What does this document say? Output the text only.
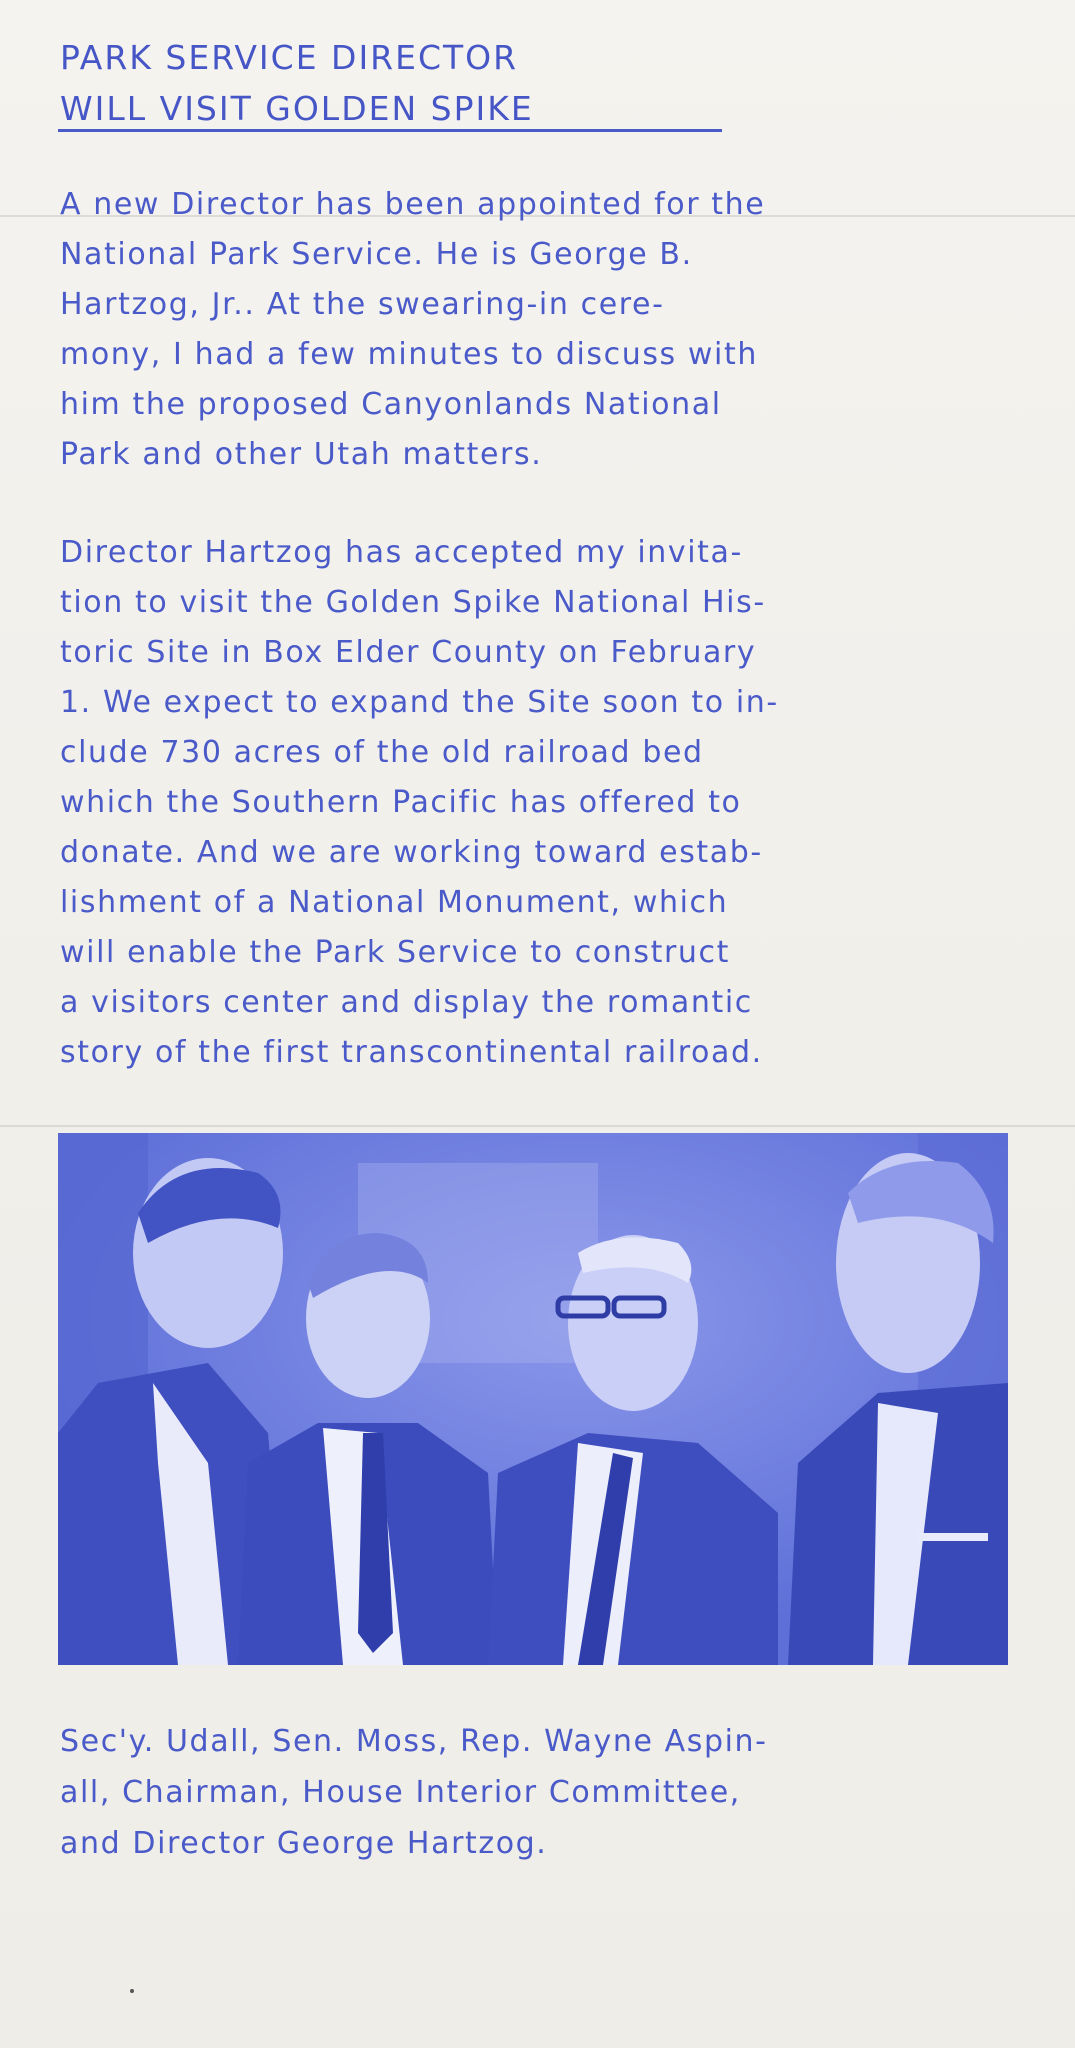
PARK SERVICE DIRECTOR
WILL VISIT GOLDEN SPIKE

A new Director has been appointed for the
National Park Service. He is George B.
Hartzog, Jr.. At the swearing-in cere-
mony, I had a few minutes to discuss with
him the proposed Canyonlands National
Park and other Utah matters.

Director Hartzog has accepted my invita-
tion to visit the Golden Spike National His-
toric Site in Box Elder County on February
1. We expect to expand the Site soon to in-
clude 730 acres of the old railroad bed
which the Southern Pacific has offered to
donate. And we are working toward estab-
lishment of a National Monument, which
will enable the Park Service to construct
a visitors center and display the romantic
story of the first transcontinental railroad.

Sec'y. Udall, Sen. Moss, Rep. Wayne Aspin-
all, Chairman, House Interior Committee,
and Director George Hartzog.
